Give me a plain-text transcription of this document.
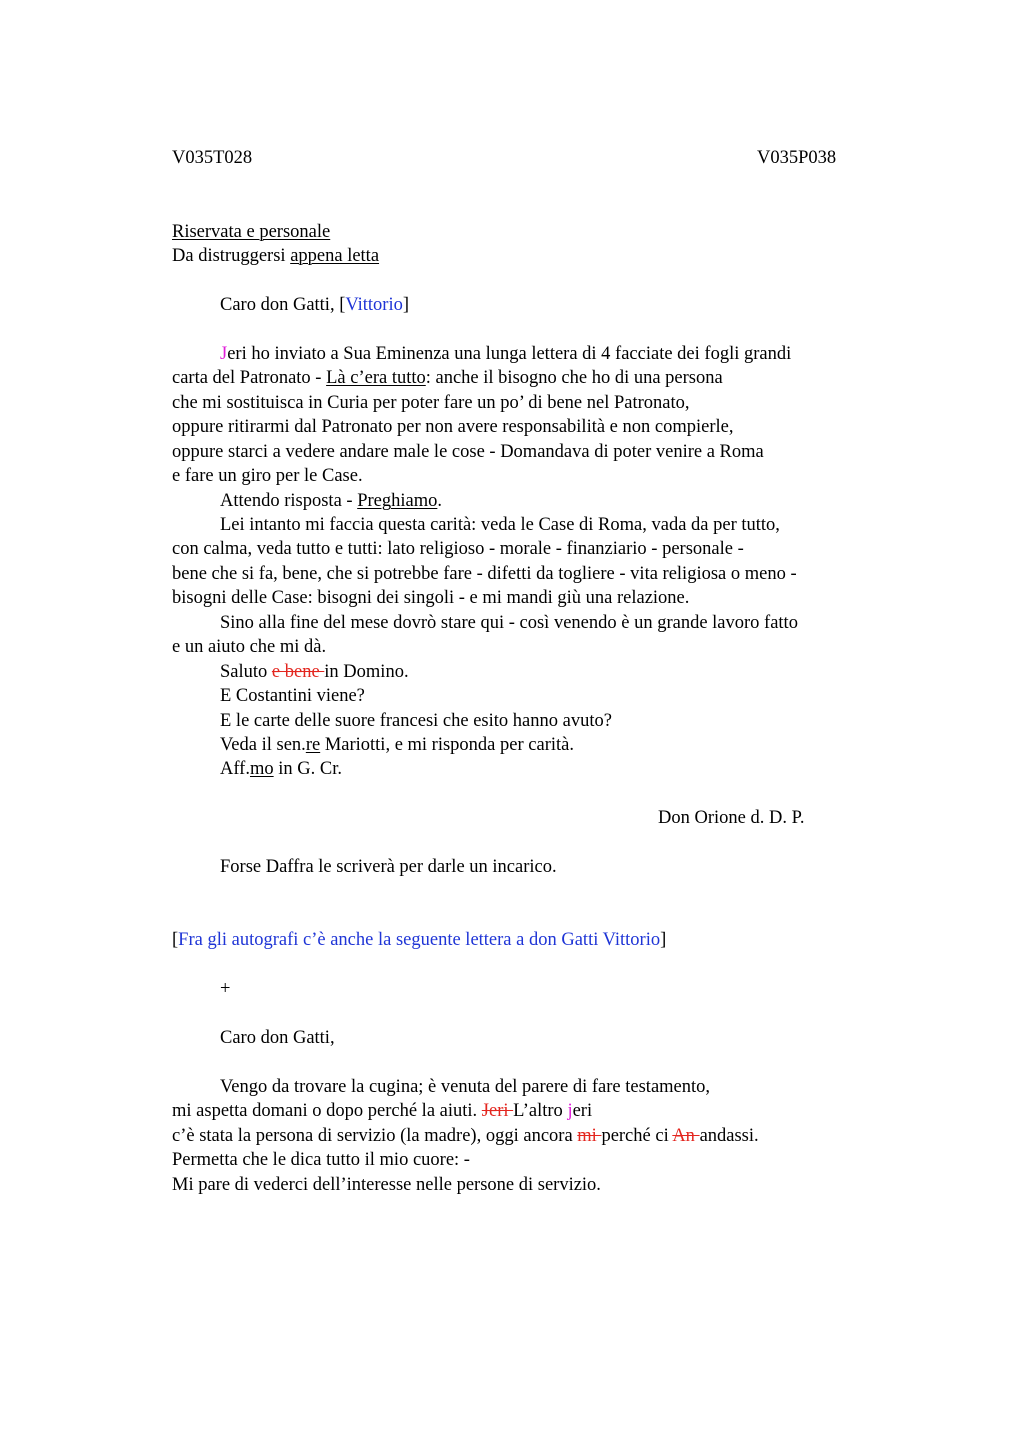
V035T028	V035P038
Riservata e personale
Da distruggersi appena letta
Caro don Gatti, [Vittorio]
Jeri ho inviato a Sua Eminenza una lunga lettera di 4 facciate dei fogli grandi
carta del Patronato - Là c’era tutto: anche il bisogno che ho di una persona
che mi sostituisca in Curia per poter fare un po’ di bene nel Patronato,
oppure ritirarmi dal Patronato per non avere responsabilità e non compierle,
oppure starci a vedere andare male le cose - Domandava di poter venire a Roma
e fare un giro per le Case.
Attendo risposta - Preghiamo.
Lei intanto mi faccia questa carità: veda le Case di Roma, vada da per tutto,
con calma, veda tutto e tutti: lato religioso - morale - finanziario - personale -
bene che si fa, bene, che si potrebbe fare - difetti da togliere - vita religiosa o meno -
bisogni delle Case: bisogni dei singoli - e mi mandi giù una relazione.
Sino alla fine del mese dovrò stare qui - così venendo è un grande lavoro fatto
e un aiuto che mi dà.
Saluto e bene in Domino.
E Costantini viene?
E le carte delle suore francesi che esito hanno avuto?
Veda il sen.re Mariotti, e mi risponda per carità.
Aff.mo in G. Cr.
Don Orione d. D. P.
Forse Daffra le scriverà per darle un incarico.
[Fra gli autografi c’è anche la seguente lettera a don Gatti Vittorio]
+
Caro don Gatti,
Vengo da trovare la cugina; è venuta del parere di fare testamento,
mi aspetta domani o dopo perché la aiuti. Jeri L’altro jeri
c’è stata la persona di servizio (la madre), oggi ancora mi perché ci An andassi.
Permetta che le dica tutto il mio cuore: -
Mi pare di vederci dell’interesse nelle persone di servizio.
